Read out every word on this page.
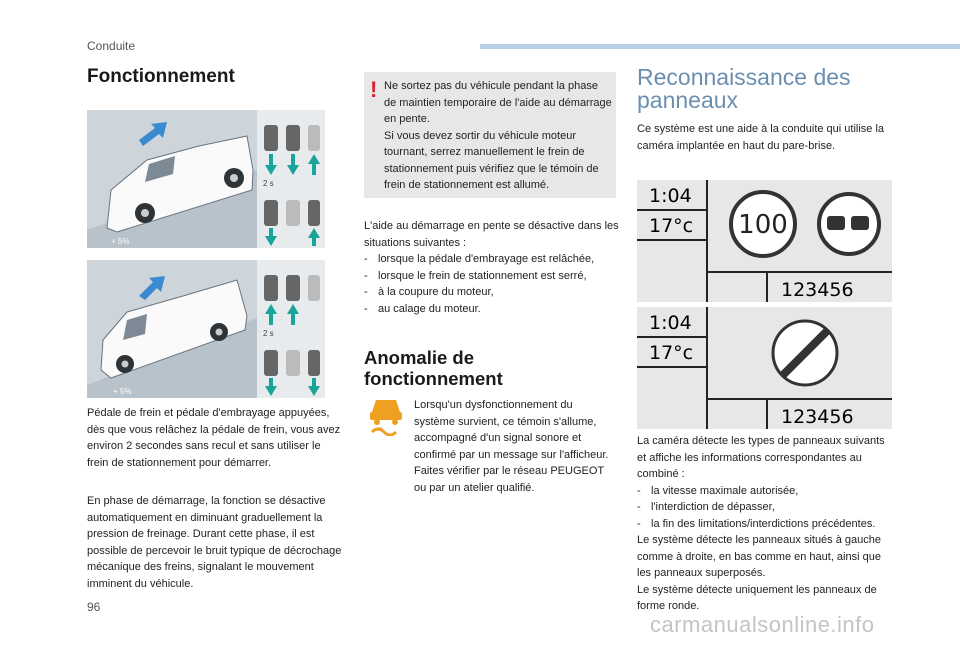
Conduite
Fonctionnement
2 s
+ 5%
2 s
+ 5%
Pédale de frein et pédale d'embrayage appuyées, dès que vous relâchez la pédale de frein, vous avez environ 2 secondes sans recul et sans utiliser le frein de stationnement pour démarrer.
En phase de démarrage, la fonction se désactive automatiquement en diminuant graduellement la pression de freinage. Durant cette phase, il est possible de percevoir le bruit typique de décrochage mécanique des freins, signalant le mouvement imminent du véhicule.
! Ne sortez pas du véhicule pendant la phase de maintien temporaire de l'aide au démarrage en pente.
Si vous devez sortir du véhicule moteur tournant, serrez manuellement le frein de stationnement puis vérifiez que le témoin de frein de stationnement est allumé.
L'aide au démarrage en pente se désactive dans les situations suivantes :
- lorsque la pédale d'embrayage est relâchée,
- lorsque le frein de stationnement est serré,
- à la coupure du moteur,
- au calage du moteur.
Anomalie de fonctionnement
Lorsqu'un dysfonctionnement du système survient, ce témoin s'allume, accompagné d'un signal sonore et confirmé par un message sur l'afficheur. Faites vérifier par le réseau PEUGEOT ou par un atelier qualifié.
Reconnaissance des panneaux
Ce système est une aide à la conduite qui utilise la caméra implantée en haut du pare-brise.
1:04
17°c 100
123456
1:04
17°c
123456
La caméra détecte les types de panneaux suivants et affiche les informations correspondantes au combiné :
- la vitesse maximale autorisée,
- l'interdiction de dépasser,
- la fin des limitations/interdictions précédentes.
Le système détecte les panneaux situés à gauche comme à droite, en bas comme en haut, ainsi que les panneaux superposés.
Le système détecte uniquement les panneaux de forme ronde.
96
carmanualsonline.info
